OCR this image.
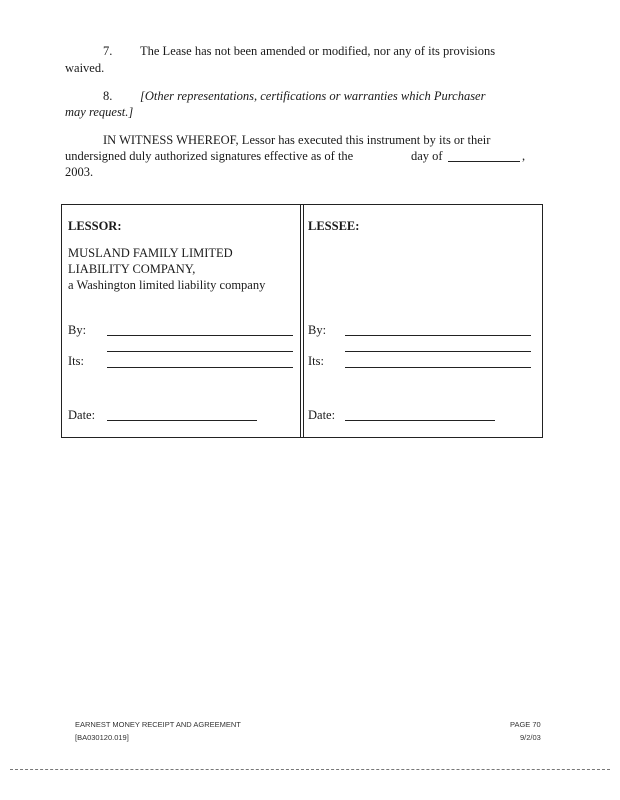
7. The Lease has not been amended or modified, nor any of its provisions
waived.
8. [Other representations, certifications or warranties which Purchaser
may request.]
IN WITNESS WHEREOF, Lessor has executed this instrument by its or their
undersigned duly authorized signatures effective as of the	day of	,
2003.
LESSOR:
MUSLAND FAMILY LIMITED
LIABILITY COMPANY,
a Washington limited liability company
By:
Its:
Date:
LESSEE:
By:
Its:
Date:
EARNEST MONEY RECEIPT AND AGREEMENT
[BA030120.019]
PAGE 70
9/2/03
